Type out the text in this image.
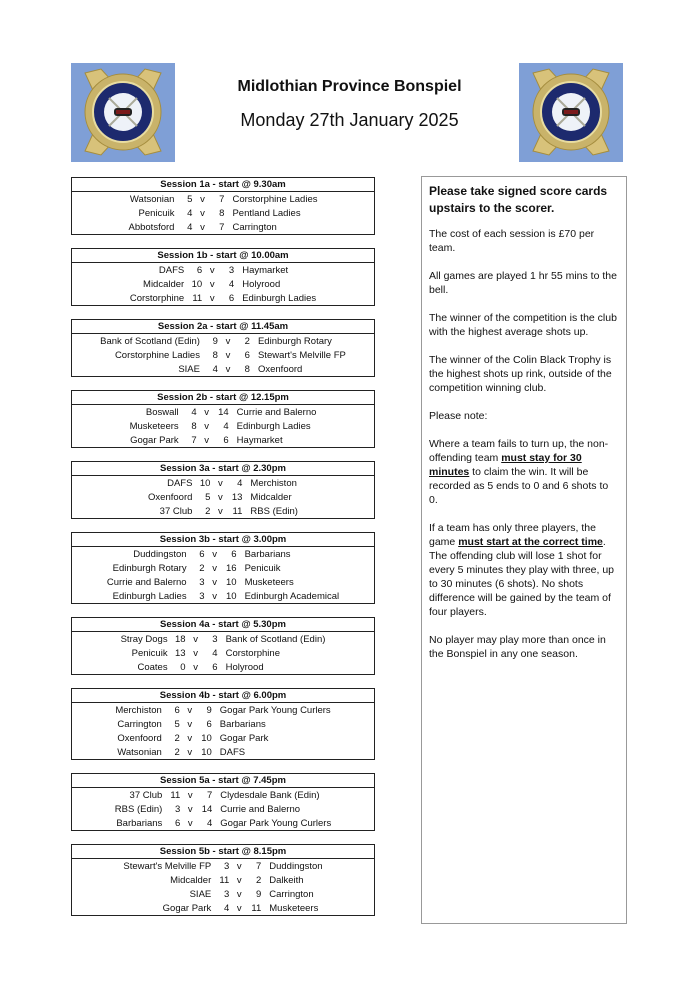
Midlothian Province Bonspiel
Monday 27th January 2025
Session 1a - start @ 9.30am
Watsonian	5	v	7	Corstorphine Ladies
Penicuik	4	v	8	Pentland Ladies
Abbotsford	4	v	7	Carrington
Session 1b - start @ 10.00am
DAFS	6	v	3	Haymarket
Midcalder	10	v	4	Holyrood
Corstorphine	11	v	6	Edinburgh Ladies
Session 2a - start @ 11.45am
Bank of Scotland (Edin)	9	v	2	Edinburgh Rotary
Corstorphine Ladies	8	v	6	Stewart's Melville FP
SIAE	4	v	8	Oxenfoord
Session 2b - start @ 12.15pm
Boswall	4	v	14	Currie and Balerno
Musketeers	8	v	4	Edinburgh Ladies
Gogar Park	7	v	6	Haymarket
Session 3a - start @ 2.30pm
DAFS	10	v	4	Merchiston
Oxenfoord	5	v	13	Midcalder
37 Club	2	v	11	RBS (Edin)
Session 3b - start @ 3.00pm
Duddingston	6	v	6	Barbarians
Edinburgh Rotary	2	v	16	Penicuik
Currie and Balerno	3	v	10	Musketeers
Edinburgh Ladies	3	v	10	Edinburgh Academical
Session 4a - start @ 5.30pm
Stray Dogs	18	v	3	Bank of Scotland (Edin)
Penicuik	13	v	4	Corstorphine
Coates	0	v	6	Holyrood
Session 4b - start @ 6.00pm
Merchiston	6	v	9	Gogar Park Young Curlers
Carrington	5	v	6	Barbarians
Oxenfoord	2	v	10	Gogar Park
Watsonian	2	v	10	DAFS
Session 5a - start @ 7.45pm
37 Club	11	v	7	Clydesdale Bank (Edin)
RBS (Edin)	3	v	14	Currie and Balerno
Barbarians	6	v	4	Gogar Park Young Curlers
Session 5b - start @ 8.15pm
Stewart's Melville FP	3	v	7	Duddingston
Midcalder	11	v	2	Dalkeith
SIAE	3	v	9	Carrington
Gogar Park	4	v	11	Musketeers
Please take signed score cards upstairs to the scorer.

The cost of each session is £70 per team.

All games are played 1 hr 55 mins to the bell.

The winner of the competition is the club with the highest average shots up.

The winner of the Colin Black Trophy is the highest shots up rink, outside of the competition winning club.

Please note:

Where a team fails to turn up, the non-offending team must stay for 30 minutes to claim the win. It will be recorded as 5 ends to 0 and 6 shots to 0.

If a team has only three players, the game must start at the correct time. The offending club will lose 1 shot for every 5 minutes they play with three, up to 30 minutes (6 shots). No shots difference will be gained by the team of four players.

No player may play more than once in the Bonspiel in any one season.
